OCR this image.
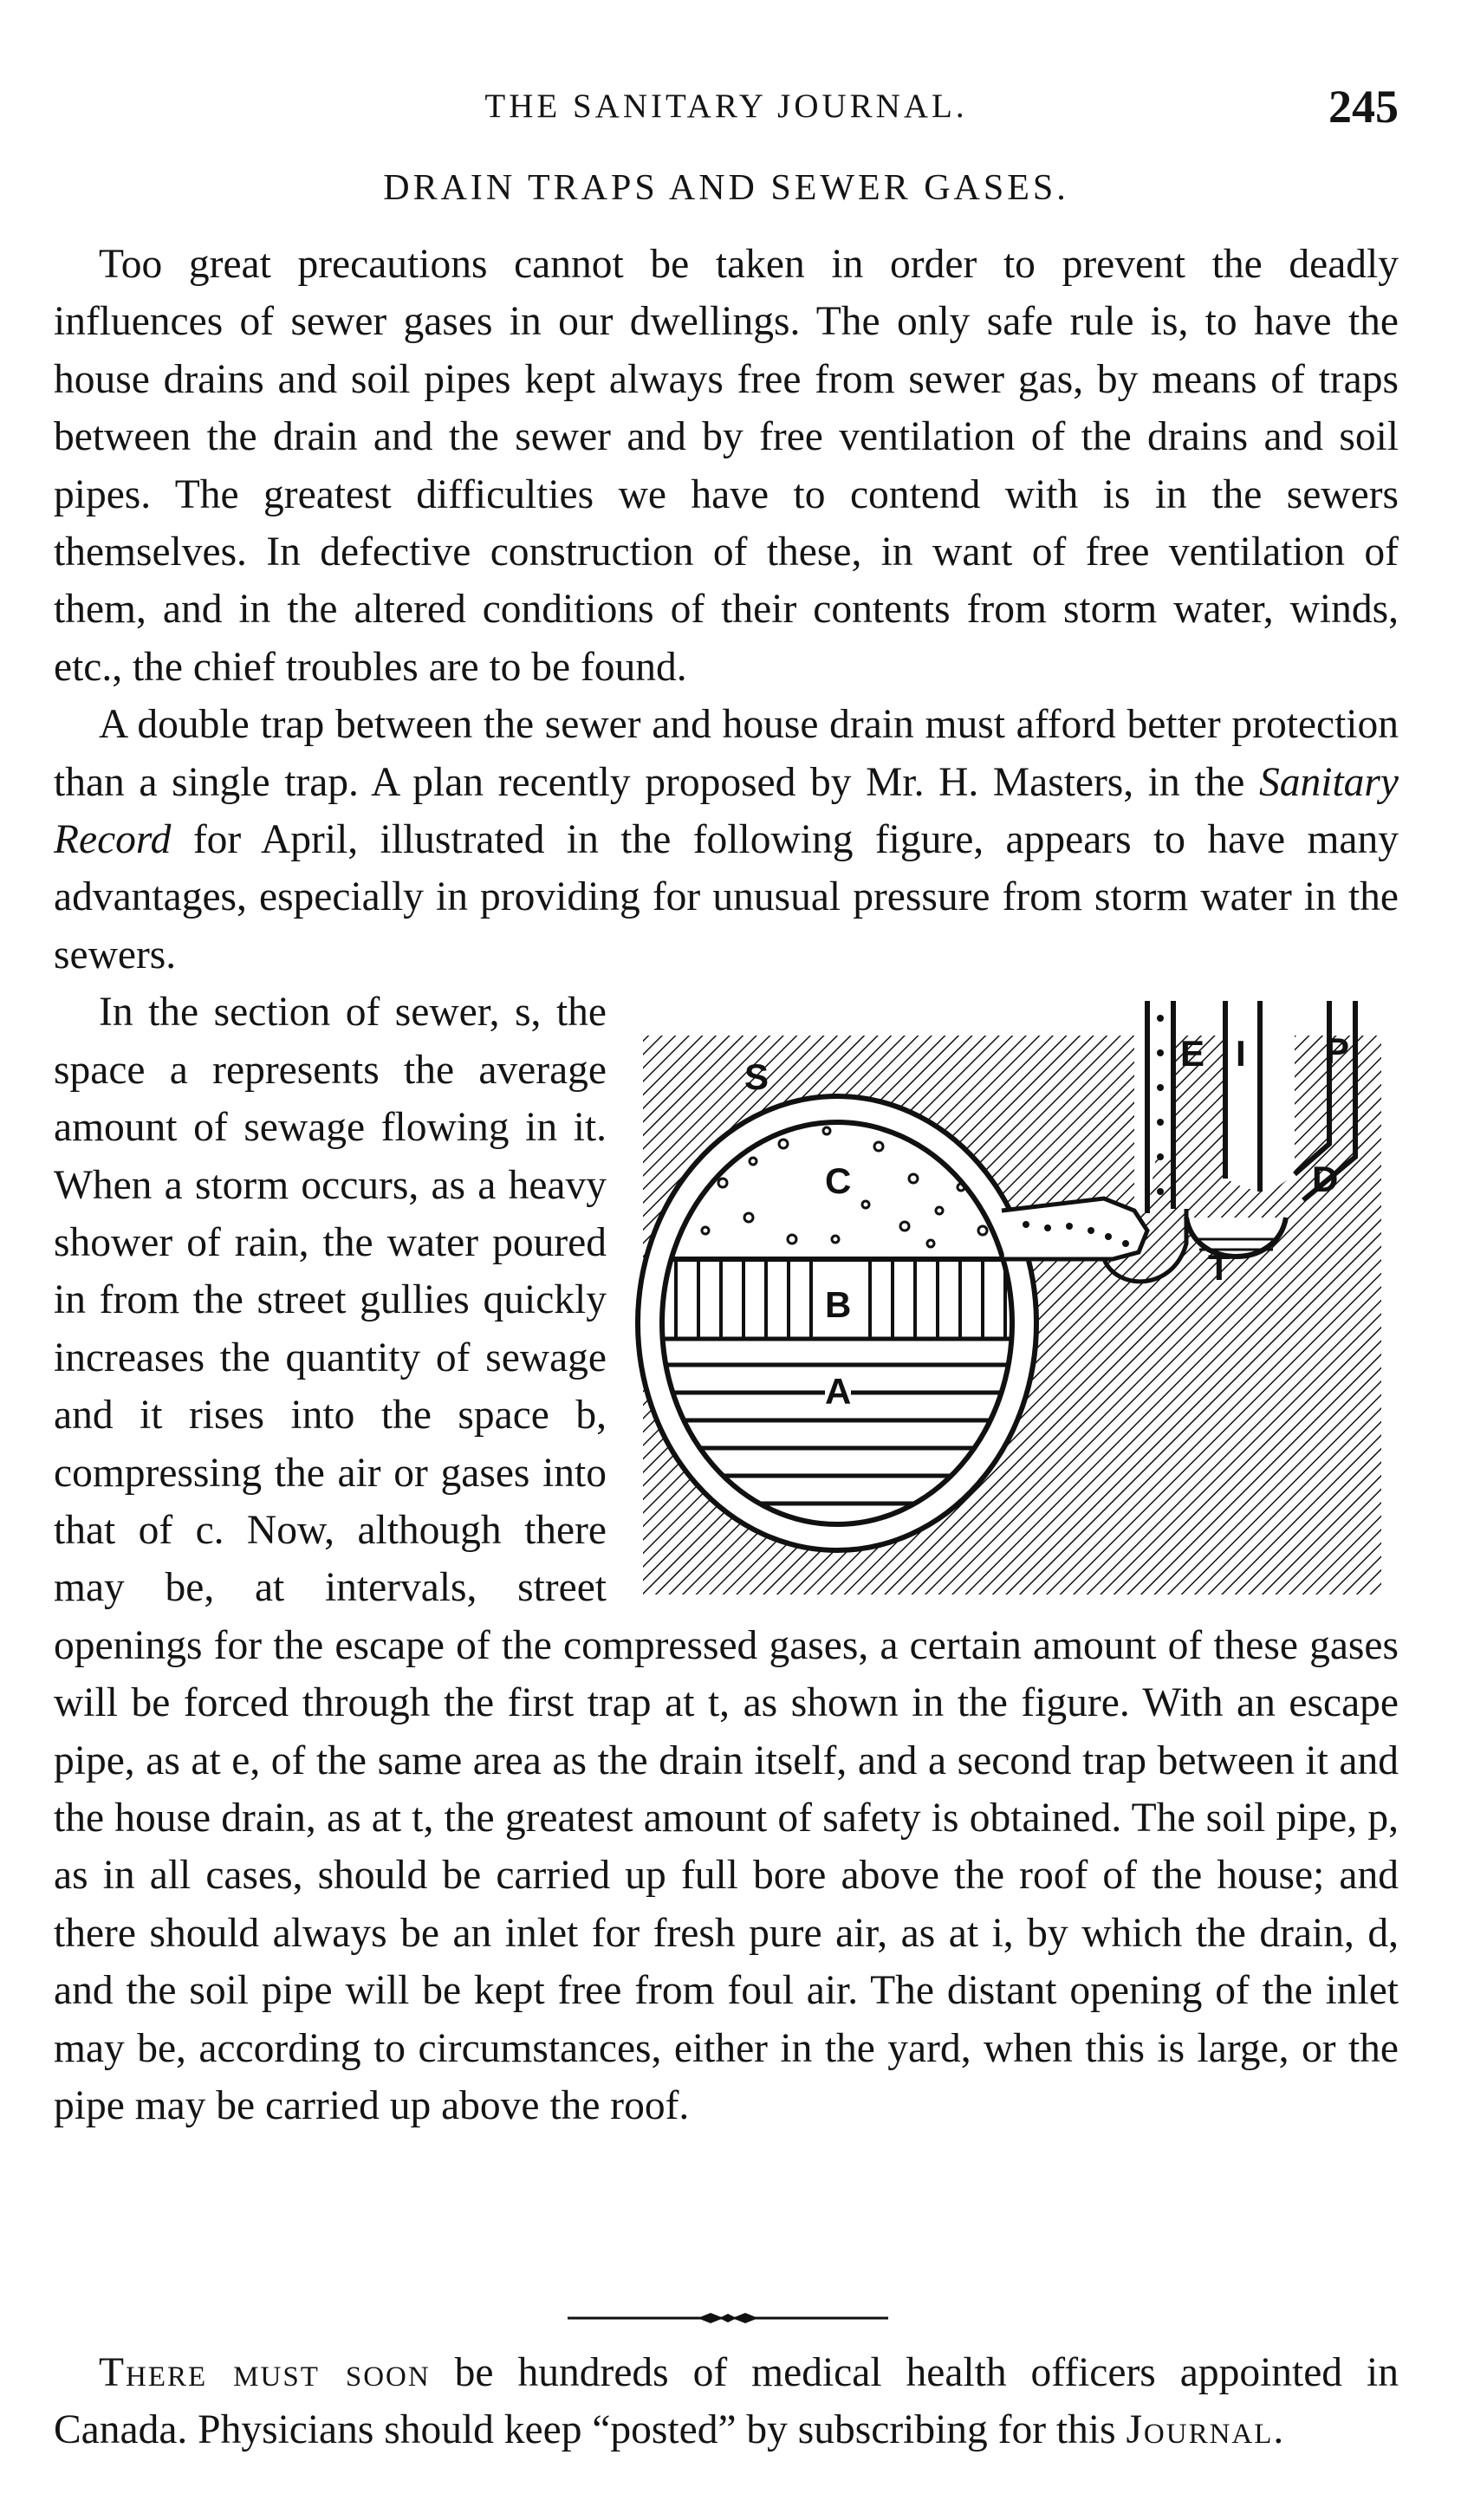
THE SANITARY JOURNAL.	245
DRAIN TRAPS AND SEWER GASES.

Too great precautions cannot be taken in order to prevent the deadly influences of sewer gases in our dwellings. The only safe rule is, to have the house drains and soil pipes kept always free from sewer gas, by means of traps between the drain and the sewer and by free ventilation of the drains and soil pipes. The greatest difficulties we have to contend with is in the sewers themselves. In defective construction of these, in want of free ventilation of them, and in the altered conditions of their contents from storm water, winds, etc., the chief troubles are to be found.

A double trap between the sewer and house drain must afford better protection than a single trap. A plan recently proposed by Mr. H. Masters, in the Sanitary Record for April, illustrated in the following figure, appears to have many advantages, especially in providing for unusual pressure from storm water in the sewers.

S
C
B
A
E I P
D
T

In the section of sewer, s, the space a represents the average amount of sewage flowing in it. When a storm occurs, as a heavy shower of rain, the water poured in from the street gullies quickly increases the quantity of sewage and it rises into the space b, compressing the air or gases into that of c. Now, although there may be, at intervals, street openings for the escape of the compressed gases, a certain amount of these gases will be forced through the first trap at t, as shown in the figure. With an escape pipe, as at e, of the same area as the drain itself, and a second trap between it and the house drain, as at t, the greatest amount of safety is obtained. The soil pipe, p, as in all cases, should be carried up full bore above the roof of the house; and there should always be an inlet for fresh pure air, as at i, by which the drain, d, and the soil pipe will be kept free from foul air. The distant opening of the inlet may be, according to circumstances, either in the yard, when this is large, or the pipe may be carried up above the roof.

There must soon be hundreds of medical health officers appointed in Canada. Physicians should keep “posted” by subscribing for this Journal.
